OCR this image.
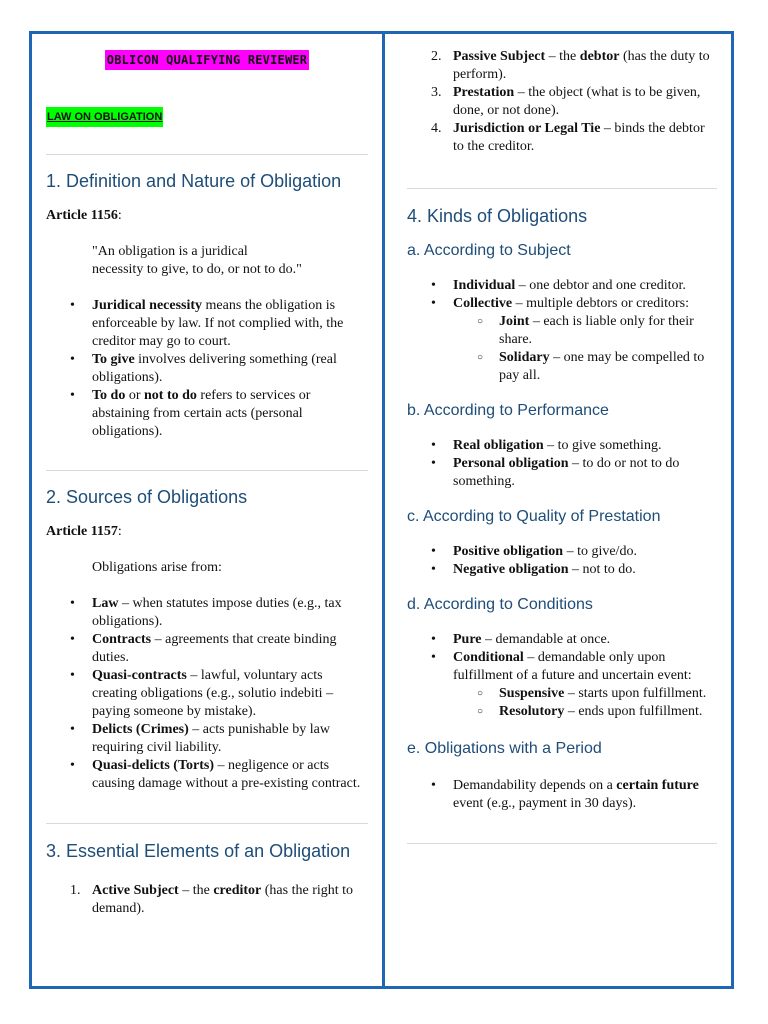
OBLICON QUALIFYING REVIEWER
LAW ON OBLIGATION
1. Definition and Nature of Obligation

Article 1156:

"An obligation is a juridical
necessity to give, to do, or not to do."

• Juridical necessity means the obligation is enforceable by law. If not complied with, the creditor may go to court.
• To give involves delivering something (real obligations).
• To do or not to do refers to services or abstaining from certain acts (personal obligations).
2. Sources of Obligations

Article 1157:

Obligations arise from:

• Law – when statutes impose duties (e.g., tax obligations).
• Contracts – agreements that create binding duties.
• Quasi-contracts – lawful, voluntary acts creating obligations (e.g., solutio indebiti – paying someone by mistake).
• Delicts (Crimes) – acts punishable by law requiring civil liability.
• Quasi-delicts (Torts) – negligence or acts causing damage without a pre-existing contract.
3. Essential Elements of an Obligation
1. Active Subject – the creditor (has the right to demand).
2. Passive Subject – the debtor (has the duty to perform).
3. Prestation – the object (what is to be given, done, or not done).
4. Jurisdiction or Legal Tie – binds the debtor to the creditor.
4. Kinds of Obligations
a. According to Subject
• Individual – one debtor and one creditor.
• Collective – multiple debtors or creditors:
○ Joint – each is liable only for their share.
○ Solidary – one may be compelled to pay all.
b. According to Performance
• Real obligation – to give something.
• Personal obligation – to do or not to do something.
c. According to Quality of Prestation
• Positive obligation – to give/do.
• Negative obligation – not to do.
d. According to Conditions
• Pure – demandable at once.
• Conditional – demandable only upon fulfillment of a future and uncertain event:
○ Suspensive – starts upon fulfillment.
○ Resolutory – ends upon fulfillment.
e. Obligations with a Period
• Demandability depends on a certain future event (e.g., payment in 30 days).
